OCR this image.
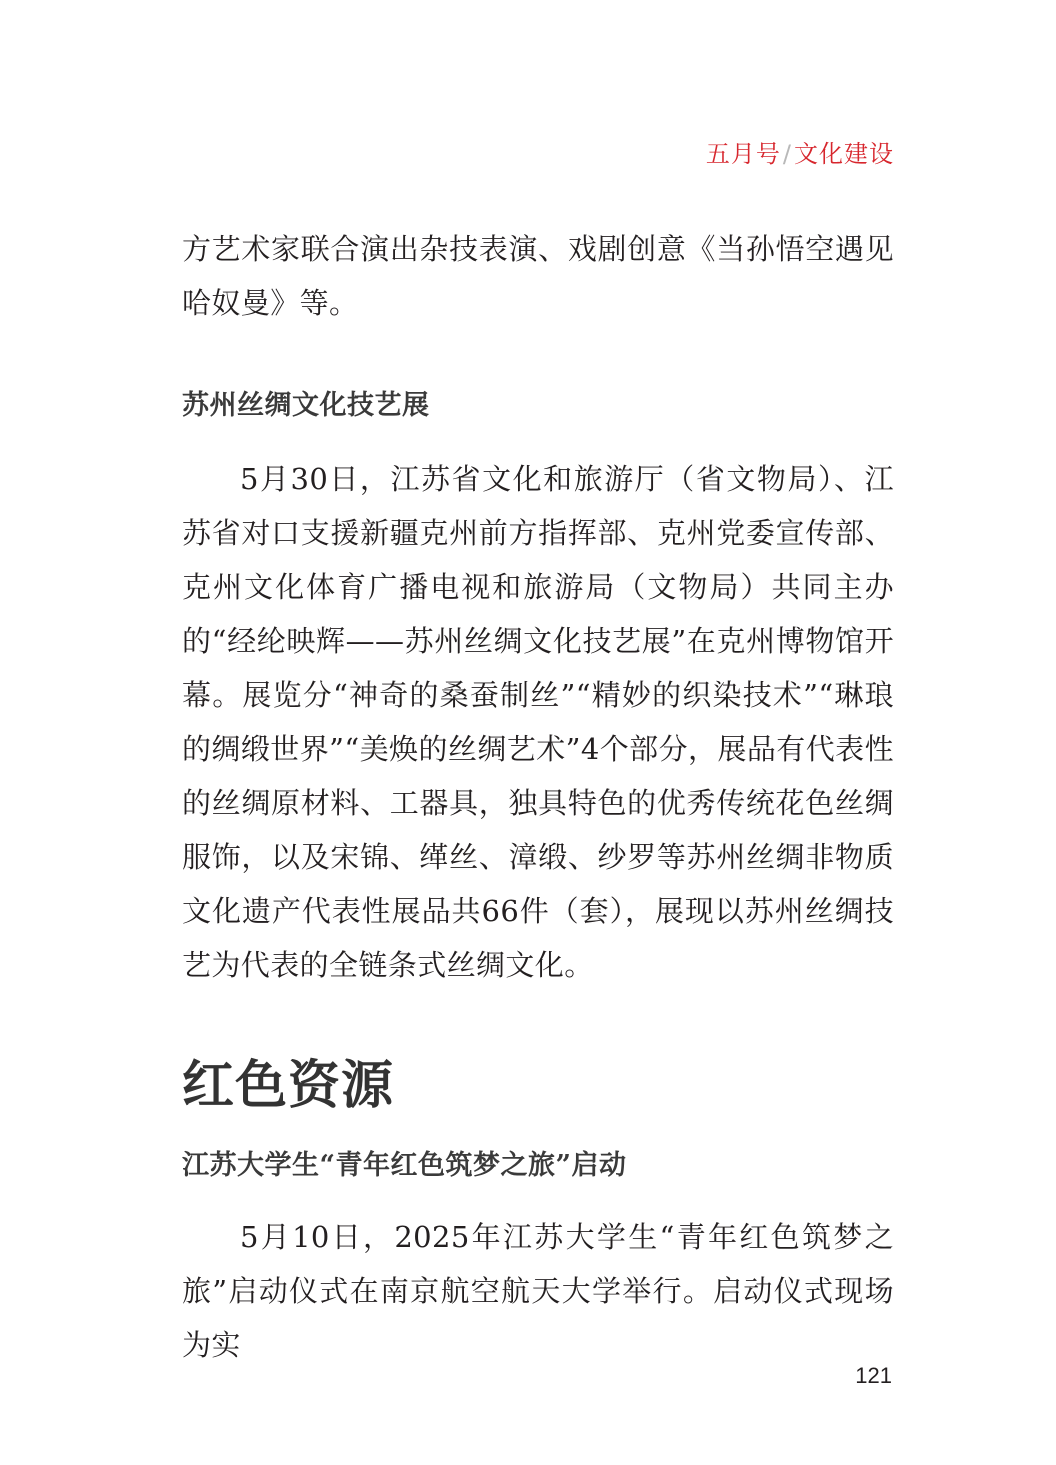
五月号/文化建设

方艺术家联合演出杂技表演、戏剧创意《当孙悟空遇见哈奴曼》等。

苏州丝绸文化技艺展

5月30日，江苏省文化和旅游厅（省文物局）、江苏省对口支援新疆克州前方指挥部、克州党委宣传部、克州文化体育广播电视和旅游局（文物局）共同主办的“经纶映辉——苏州丝绸文化技艺展”在克州博物馆开幕。展览分“神奇的桑蚕制丝”“精妙的织染技术”“琳琅的绸缎世界”“美焕的丝绸艺术”4个部分，展品有代表性的丝绸原材料、工器具，独具特色的优秀传统花色丝绸服饰，以及宋锦、缂丝、漳缎、纱罗等苏州丝绸非物质文化遗产代表性展品共66件（套），展现以苏州丝绸技艺为代表的全链条式丝绸文化。

红色资源
江苏大学生“青年红色筑梦之旅”启动

5月10日，2025年江苏大学生“青年红色筑梦之旅”启动仪式在南京航空航天大学举行。启动仪式现场为实

121
